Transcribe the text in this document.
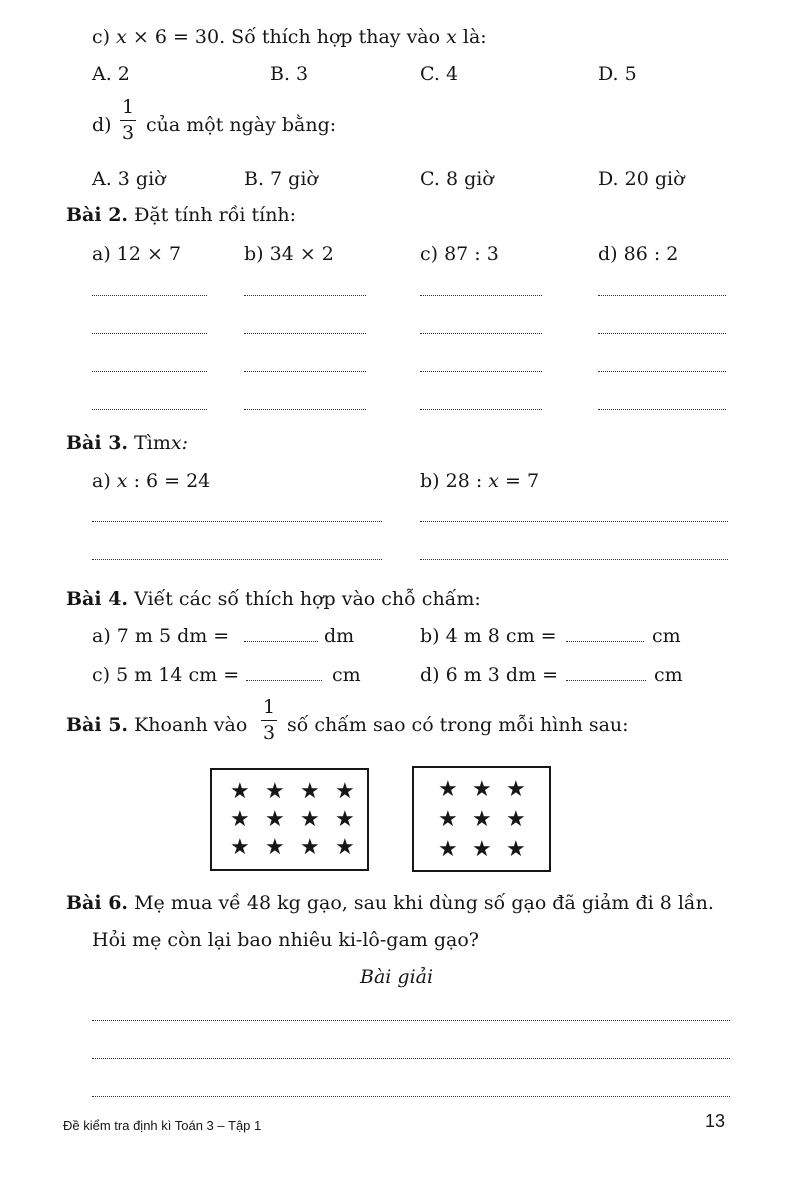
c) x × 6 = 30. Số thích hợp thay vào x là:
A. 2	B. 3	C. 4	D. 5
d)
1
3 của một ngày bằng:
A. 3 giờ	B. 7 giờ	C. 8 giờ	D. 20 giờ
Bài 2. Đặt tính rồi tính:
a) 12 × 7	b) 34 × 2	c) 87 : 3	d) 86 : 2
Bài 3. Tìmx:
a) x : 6 = 24	b) 28 : x = 7
Bài 4. Viết các số thích hợp vào chỗ chấm:
a) 7 m 5 dm =	dm	b) 4 m 8 cm =	cm
c) 5 m 14 cm =	cm	d) 6 m 3 dm =	cm
Bài 5. Khoanh vào
1
3 số chấm sao có trong mỗi hình sau:
★ ★ ★ ★
★ ★ ★ ★
★ ★ ★ ★
★ ★ ★
★ ★ ★
★ ★ ★
Bài 6. Mẹ mua về 48 kg gạo, sau khi dùng số gạo đã giảm đi 8 lần.
Hỏi mẹ còn lại bao nhiêu ki-lô-gam gạo?
Bài giải
Đề kiểm tra định kì Toán 3 – Tập 1	13
